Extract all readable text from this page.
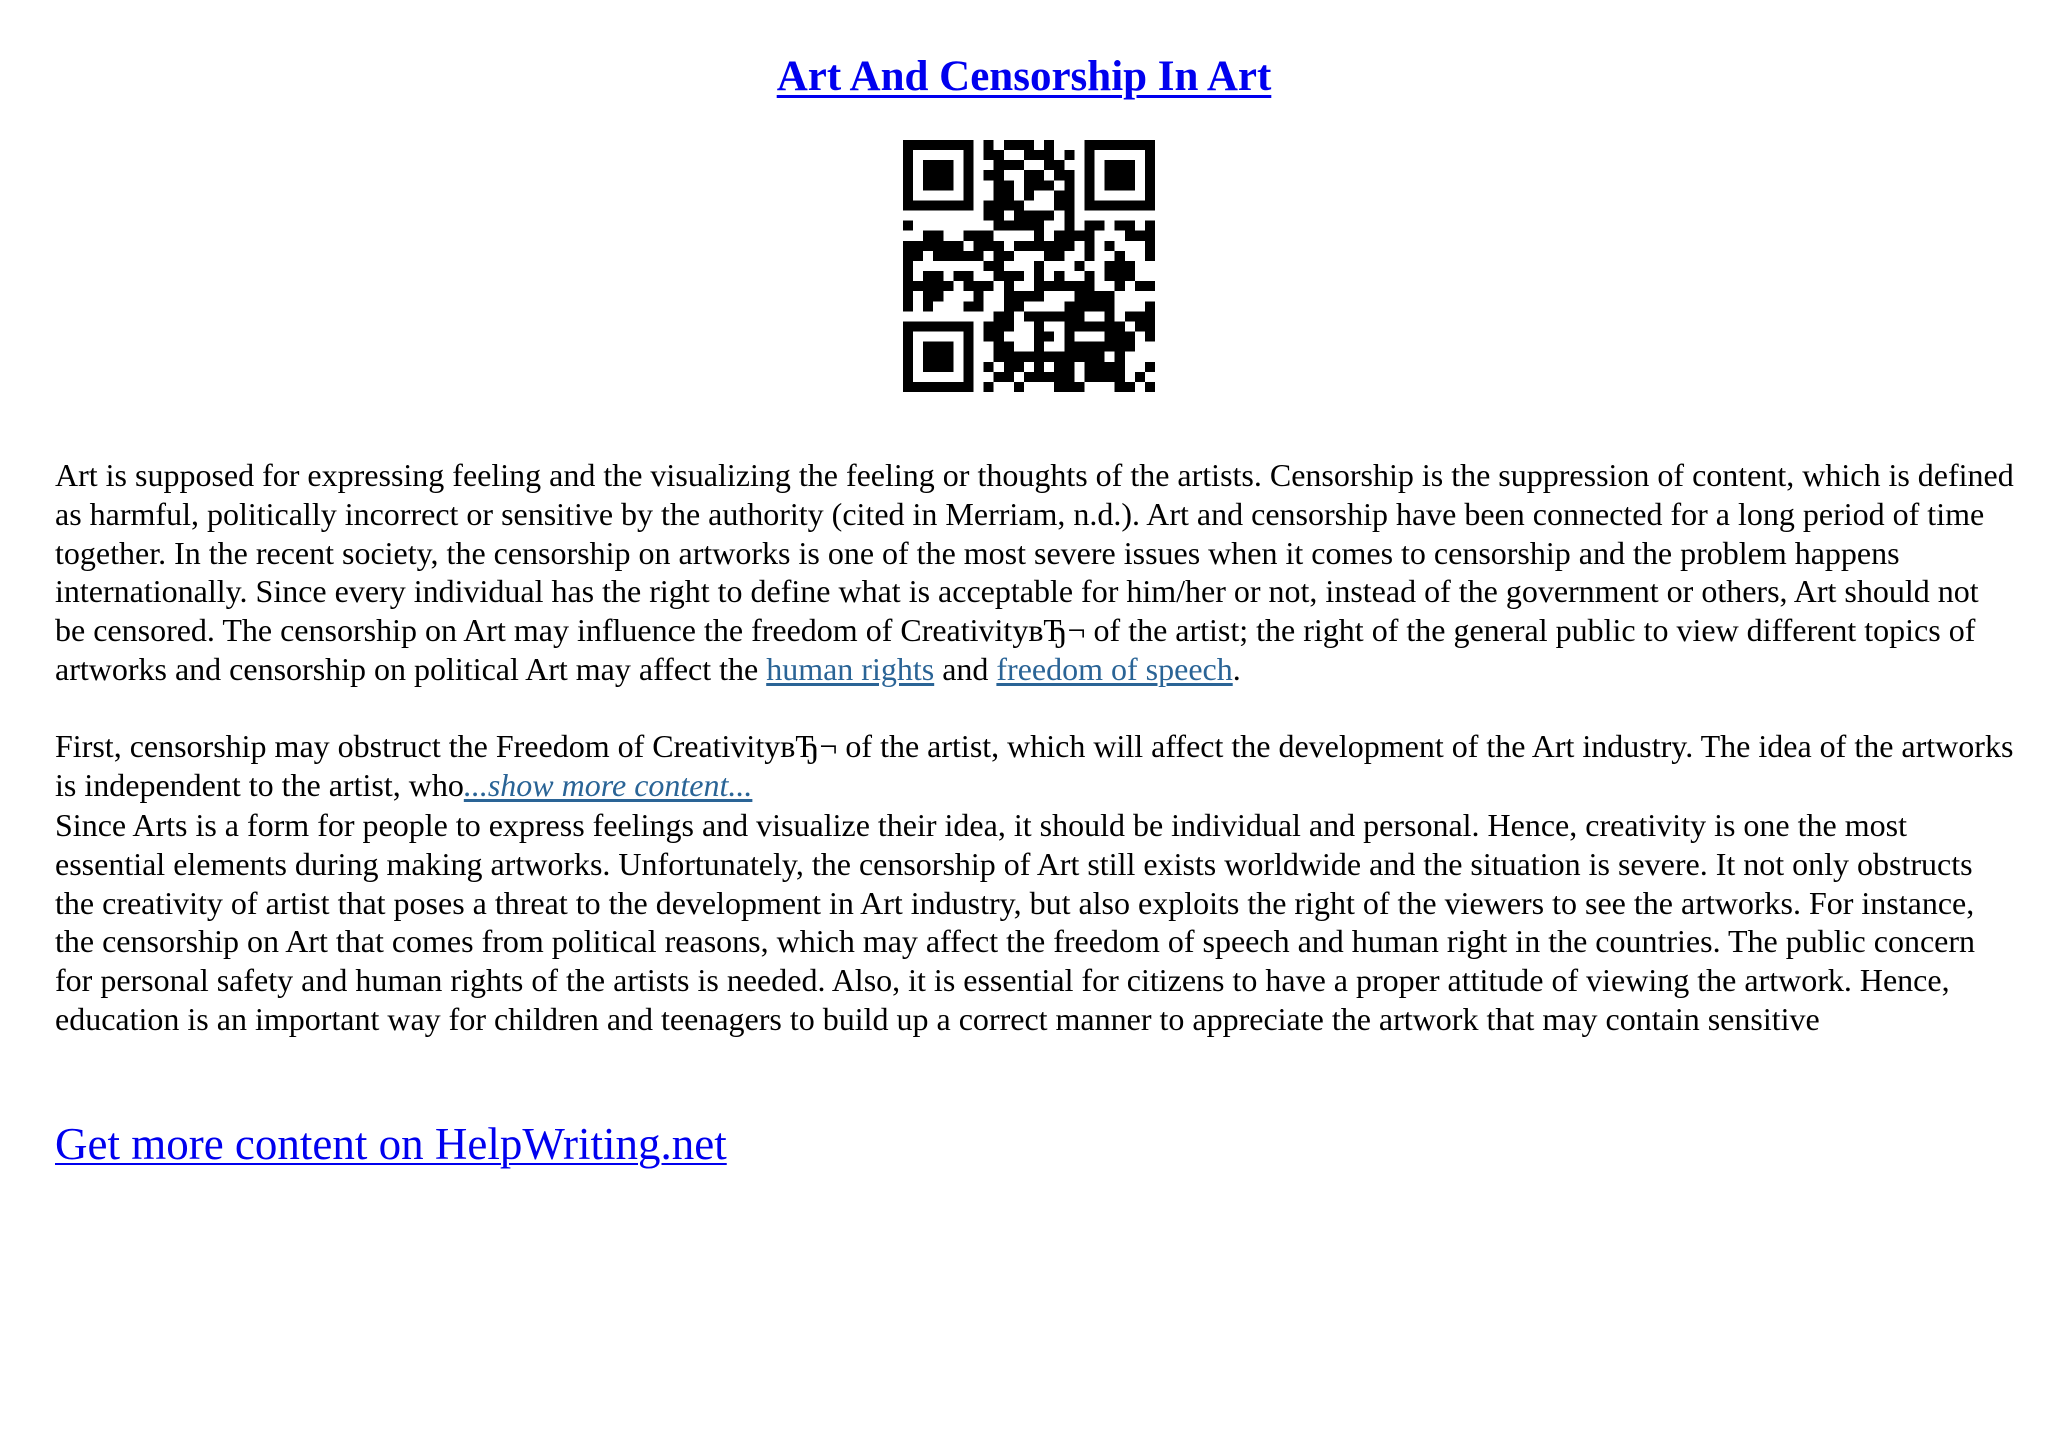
Art And Censorship In Art
Art is supposed for expressing feeling and the visualizing the feeling or thoughts of the artists. Censorship is the suppression of content, which is defined as harmful, politically incorrect or sensitive by the authority (cited in Merriam, n.d.). Art and censorship have been connected for a long period of time together. In the recent society, the censorship on artworks is one of the most severe issues when it comes to censorship and the problem happens internationally. Since every individual has the right to define what is acceptable for him/her or not, instead of the government or others, Art should not be censored. The censorship on Art may influence the freedom of CreativityвЂ¬ of the artist; the right of the general public to view different topics of artworks and censorship on political Art may affect the human rights and freedom of speech.
First, censorship may obstruct the Freedom of CreativityвЂ¬ of the artist, which will affect the development of the Art industry. The idea of the artworks is independent to the artist, who...show more content...
Since Arts is a form for people to express feelings and visualize their idea, it should be individual and personal. Hence, creativity is one the most essential elements during making artworks. Unfortunately, the censorship of Art still exists worldwide and the situation is severe. It not only obstructs the creativity of artist that poses a threat to the development in Art industry, but also exploits the right of the viewers to see the artworks. For instance, the censorship on Art that comes from political reasons, which may affect the freedom of speech and human right in the countries. The public concern for personal safety and human rights of the artists is needed. Also, it is essential for citizens to have a proper attitude of viewing the artwork. Hence, education is an important way for children and teenagers to build up a correct manner to appreciate the artwork that may contain sensitive
Get more content on HelpWriting.net
